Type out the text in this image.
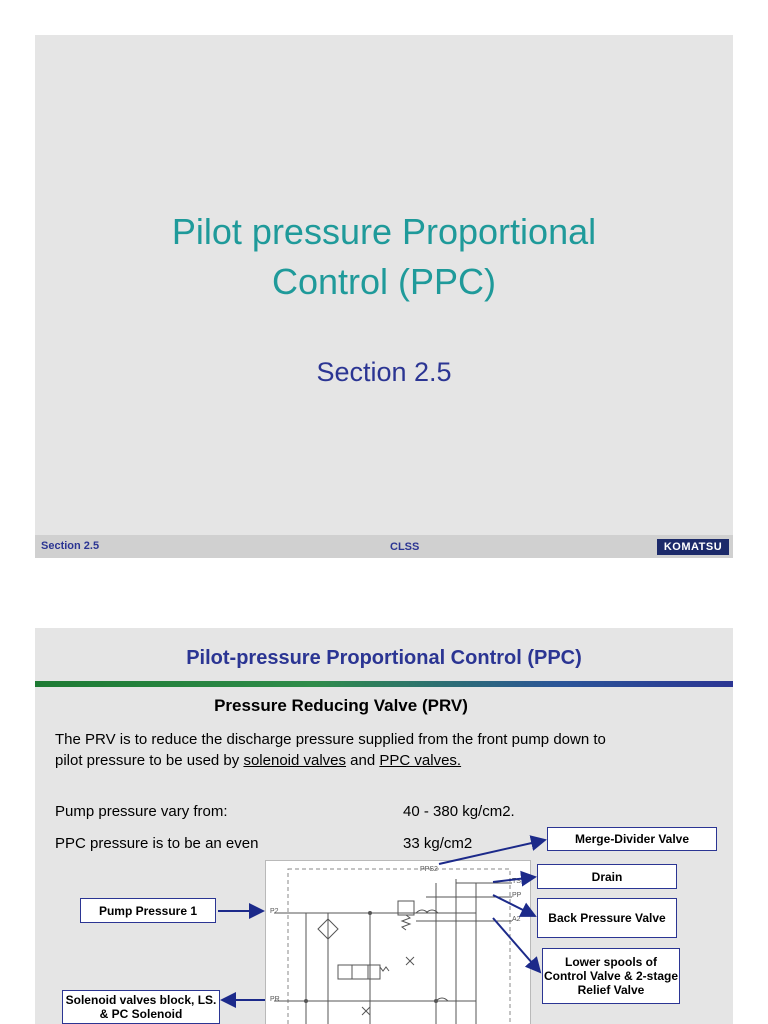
Pilot pressure Proportional
Control (PPC)
Section 2.5
Section 2.5	CLSS	KOMATSU
Pilot-pressure Proportional Control (PPC)
Pressure Reducing Valve (PRV)
The PRV is to reduce the discharge pressure supplied from the front pump down to pilot pressure to be used by solenoid valves and PPC valves.
Pump pressure vary from:	40 - 380 kg/cm2.
PPC pressure is to be an even	33 kg/cm2
PPS2
TS
PP
A2
P2
PR
Merge-Divider Valve
Drain
Back Pressure Valve
Lower spools of Control Valve & 2-stage Relief Valve
Pump Pressure 1
Solenoid valves block, LS. & PC Solenoid
